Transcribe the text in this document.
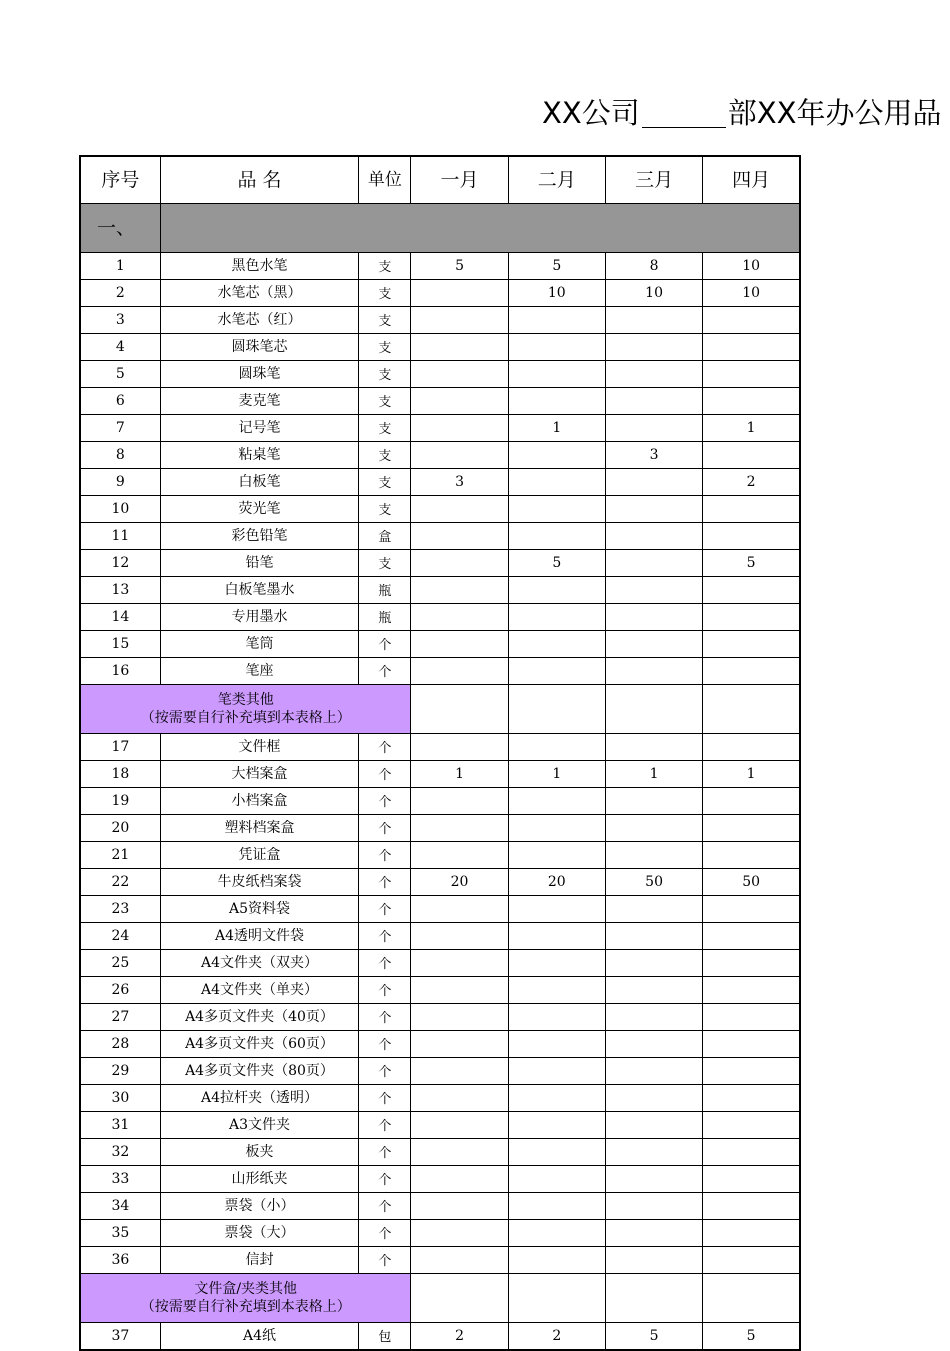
XX公司	部XX年办公用品
序号	品 名	单位	一月	二月	三月	四月
一、						
1	黑色水笔	支	5	5	8	10
2	水笔芯（黑）	支		10	10	10
3	水笔芯（红）	支				
4	圆珠笔芯	支				
5	圆珠笔	支				
6	麦克笔	支				
7	记号笔	支		1		1
8	粘桌笔	支			3	
9	白板笔	支	3			2
10	荧光笔	支				
11	彩色铅笔	盒				
12	铅笔	支		5		5
13	白板笔墨水	瓶				
14	专用墨水	瓶				
15	笔筒	个				
16	笔座	个				

笔类其他
（按需要自行补充填到本表格上）						

17	文件框	个				
18	大档案盒	个	1	1	1	1
19	小档案盒	个				
20	塑料档案盒	个				
21	凭证盒	个				
22	牛皮纸档案袋	个	20	20	50	50
23	A5资料袋	个				
24	A4透明文件袋	个				
25	A4文件夹（双夹）	个				
26	A4文件夹（单夹）	个				
27	A4多页文件夹（40页）	个				
28	A4多页文件夹（60页）	个				
29	A4多页文件夹（80页）	个				
30	A4拉杆夹（透明）	个				
31	A3文件夹	个				
32	板夹	个				
33	山形纸夹	个				
34	票袋（小）	个				
35	票袋（大）	个				
36	信封	个				

文件盒/夹类其他
（按需要自行补充填到本表格上）						

37	A4纸	包	2	2	5	5
